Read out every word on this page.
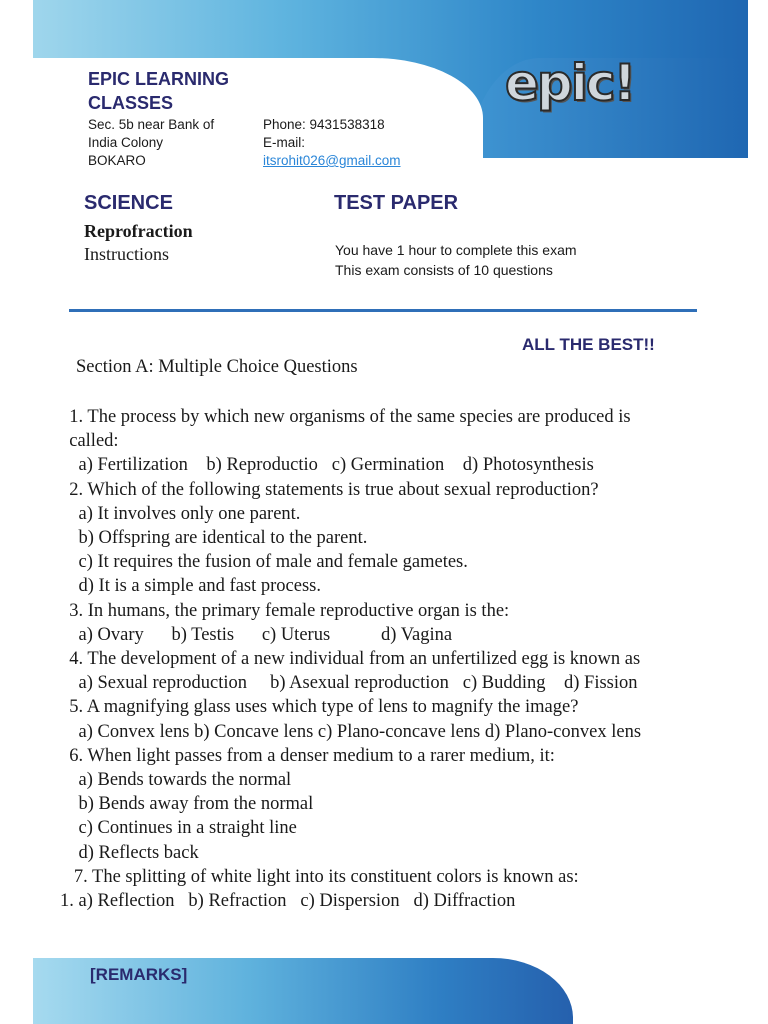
epic!
EPIC LEARNING
CLASSES
Sec. 5b near Bank of
India Colony
BOKARO
Phone: 9431538318
E-mail:
itsrohit026@gmail.com
SCIENCE	TEST PAPER
Reprofraction
Instructions	You have 1 hour to complete this exam
This exam consists of 10 questions
ALL THE BEST!!
Section A: Multiple Choice Questions
1. The process by which new organisms of the same species are produced is
called:
a) Fertilization    b) Reproductio   c) Germination    d) Photosynthesis
2. Which of the following statements is true about sexual reproduction?
a) It involves only one parent.
b) Offspring are identical to the parent.
c) It requires the fusion of male and female gametes.
d) It is a simple and fast process.
3. In humans, the primary female reproductive organ is the:
a) Ovary      b) Testis      c) Uterus           d) Vagina
4. The development of a new individual from an unfertilized egg is known as
a) Sexual reproduction     b) Asexual reproduction   c) Budding    d) Fission
5. A magnifying glass uses which type of lens to magnify the image?
a) Convex lens b) Concave lens c) Plano-concave lens d) Plano-convex lens
6. When light passes from a denser medium to a rarer medium, it:
a) Bends towards the normal
b) Bends away from the normal
c) Continues in a straight line
d) Reflects back
7. The splitting of white light into its constituent colors is known as:
1. a) Reflection   b) Refraction   c) Dispersion   d) Diffraction
[REMARKS]
